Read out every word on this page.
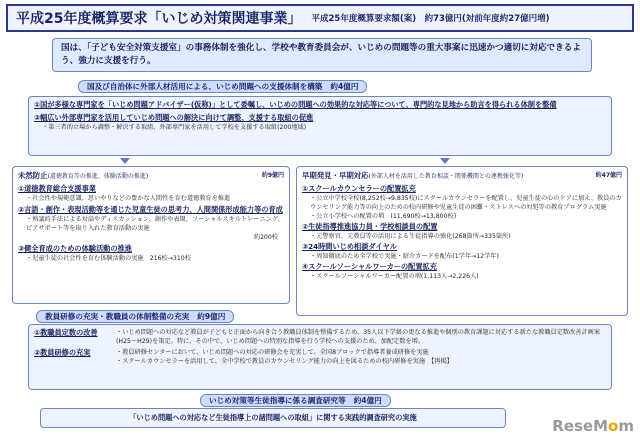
平成25年度概算要求「いじめ対策関連事業」 平成25年度概算要求額(案)　約73億円(対前年度約27億円増)
国は、「子ども安全対策支援室」の事務体制を強化し、学校や教育委員会が、いじめの問題等の重大事案に迅速かつ適切に対応できるよう、強力に支援を行う。
国及び自治体に外部人材活用による、いじめ問題への支援体制を構築 約4億円
①国が多様な専門家を「いじめ問題アドバイザー(仮称)」として委嘱し、いじめの問題への効果的な対応等について、専門的な見地から助言を得られる体制を整備
②幅広い外部専門家を活用していじめ問題への解決に向けて調整、支援する取組の促進
・第三者的立場から調整・解決する取組、外部専門家を活用して学校を支援する取組(200地域)
未然防止(道徳教育等の推進、体験活動の推進)	約9億円
①道徳教育総合支援事業
・社会性や規範意識、思いやりなどの豊かな人間性を育む道徳教育を推進
②言語・創作・表現活動等を通じた児童生徒の思考力、人間関係形成能力等の育成
・熟議的手法による対話やディスカッション、創作や表現、ソーシャルスキルトレーニング、ピアサポート等を取り入れた教育活動の実施
約200校
③健全育成のための体験活動の推進
・児童生徒の社会性を育む体験活動の実施　216校→310校
早期発見・早期対応(外部人材を活用した教育相談・関係機関との連携強化等)	約47億円
①スクールカウンセラーの配置拡充
・公立中学校全校(8,252校→9,835校)にスクールカウンセラーを配置し、児童生徒の心のケアに加え、教員のカウンセリング能力等の向上のための校内研修や児童生徒の困難・ストレスへの対処等の教育プログラム実施
・公立小学校への配置の増　(11,690校→13,800校)
②生徒指導推進協力員・学校相談員の配置
・元警察官、元教員等の活用による生徒指導の強化(268箇所→335箇所)
③24時間いじめ相談ダイヤル
・周知徹底のため全学校で実施・紹介カードを配布(1学年→12学年)
④スクールソーシャルワーカーの配置拡充
・スクールソーシャルワーカー配置の増(1,113人→2,226人)
教員研修の充実・教職員の体制整備の充実 約9億円
①教職員定数の改善	・いじめ問題への対応など教員が子どもと正面から向き合う教職員体制を整備するため、35人以下学級の更なる推進や個別の教育課題に対応する新たな教職員定数改善計画案(H25〜H29)を策定。特に、その中で、いじめ問題への特別な指導を行う学校への支援のため、加配定数を増。
②教員研修の充実	・教員研修センターにおいて、いじめ問題への対応の研修会を充実して、全国8ブロックで指導者養成研修を実施
・スクールカウンセラーを活用して、全中学校で教員のカウンセリング能力の向上を図るための校内研修を実施　【再掲】
いじめ対策等生徒指導に係る調査研究等 約4億円
「いじめ問題への対応など生徒指導上の諸問題への取組」に関する実践的調査研究の実施	ReseMom
